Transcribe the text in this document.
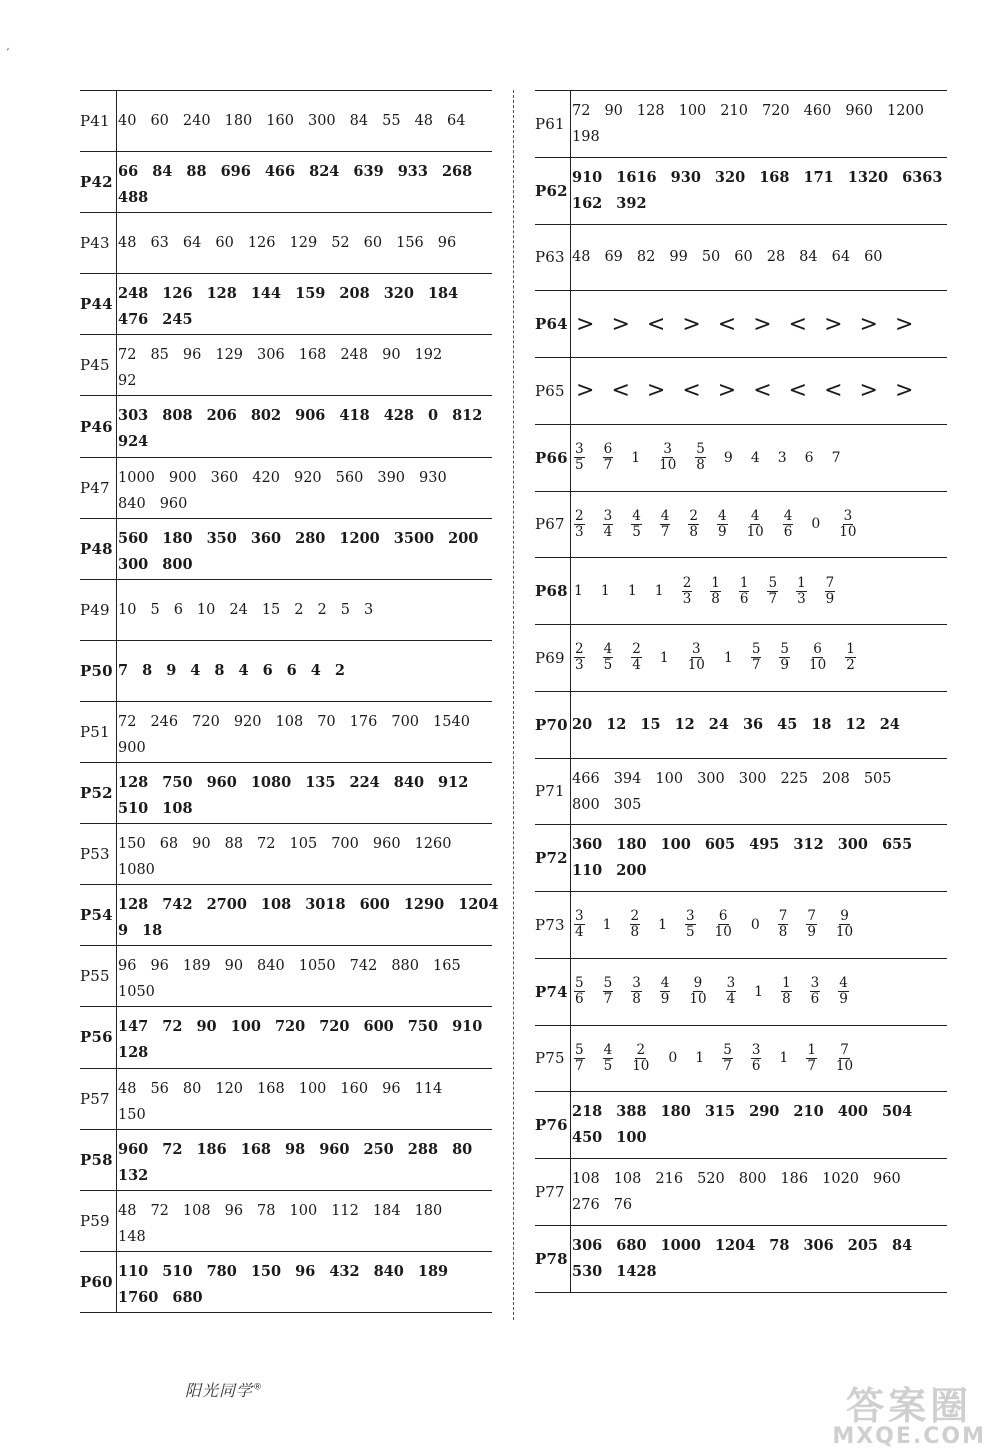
‘
P41 40 60 240 180 160 300 84 55 48 64
P42
66 84 88 696 466 824 639 933 268
488
P43 48 63 64 60 126 129 52 60 156 96
P44
248 126 128 144 159 208 320 184
476 245
P45
72 85 96 129 306 168 248 90 192
92
P46
303 808 206 802 906 418 428 0 812
924
P47
1000 900 360 420 920 560 390 930
840 960
P48
560 180 350 360 280 1200 3500 200
300 800
P49 10 5 6 10 24 15 2 2 5 3
P50 7 8 9 4 8 4 6 6 4 2
P51
72 246 720 920 108 70 176 700 1540
900
P52
128 750 960 1080 135 224 840 912
510 108
P53
150 68 90 88 72 105 700 960 1260
1080
P54
128 742 2700 108 3018 600 1290 1204
9 18
P55
96 96 189 90 840 1050 742 880 165
1050
P56
147 72 90 100 720 720 600 750 910
128
P57
48 56 80 120 168 100 160 96 114
150
P58
960 72 186 168 98 960 250 288 80
132
P59
48 72 108 96 78 100 112 184 180
148
P60
110 510 780 150 96 432 840 189
1760 680
P61
72 90 128 100 210 720 460 960 1200
198
P62
910 1616 930 320 168 171 1320 6363
162 392
P63 48 69 82 99 50 60 28 84 64 60
P64 > > < > < > < > > >
P65 > < > < > < < < > >
$P66 \frac{3}{5} \frac{6}{7} 1 \frac{3}{10} \frac{5}{8} 9$ 4 3 6 7
$P67 \frac{2}{3} \frac{3}{4} \frac{4}{5} \frac{4}{7} \frac{2}{8} \frac{4}{9} \frac{4}{10} \frac{4}{6} 0 \frac{3}{10}$
P68 1 1 1 $1 \frac{2}{3} \frac{1}{8} \frac{1}{6} \frac{5}{7} \frac{1}{3} \frac{7}{9}$
$P69 \frac{2}{3} \frac{4}{5} \frac{2}{4} 1 \frac{3}{10} 1 \frac{5}{7} \frac{5}{9} \frac{6}{10} \frac{1}{2}$
P70 20 12 15 12 24 36 45 18 12 24
P71
466 394 100 300 300 225 208 505
800 305
P72
360 180 100 605 495 312 300 655
110 200
$P73 \frac{3}{4} 1 \frac{2}{8} 1 \frac{3}{5} \frac{6}{10} 0 \frac{7}{8} \frac{7}{9} \frac{9}{10}$
$P74 \frac{5}{6} \frac{5}{7} \frac{3}{8} \frac{4}{9} \frac{9}{10} \frac{3}{4} 1 \frac{1}{8} \frac{3}{6} \frac{4}{9}$
$P75 \frac{5}{7} \frac{4}{5} \frac{2}{10} 0$ $1 \frac{5}{7} \frac{3}{6} 1 \frac{1}{7} \frac{7}{10}$
P76
218 388 180 315 290 210 400 504
450 100
P77
108 108 216 520 800 186 1020 960
276 76
P78
306 680 1000 1204 78 306 205 84
530 1428
阳光同学®	答案圈
MXQE.COM
